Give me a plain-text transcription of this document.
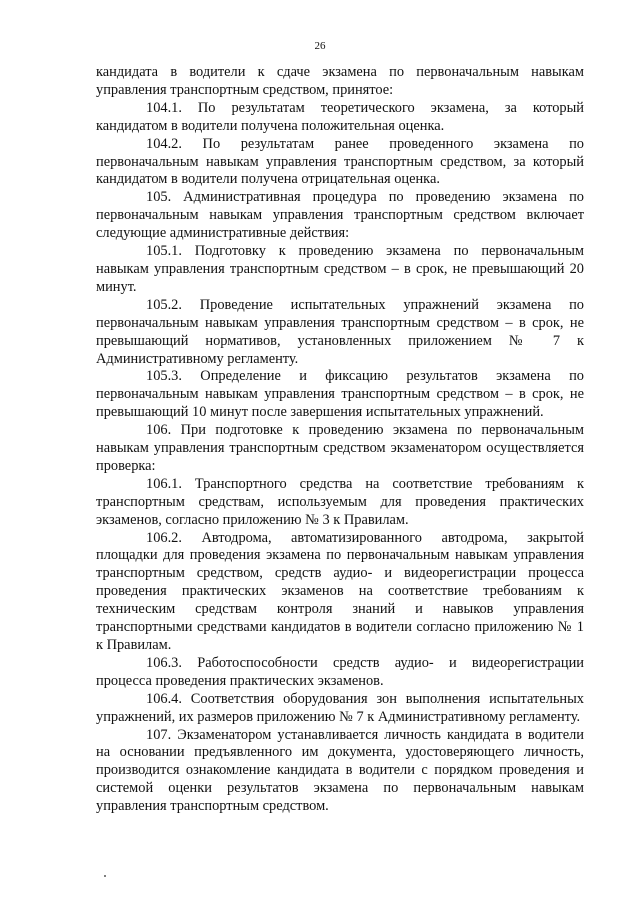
26

кандидата в водители к сдаче экзамена по первоначальным навыкам управления транспортным средством, принятое:

104.1. По результатам теоретического экзамена, за который кандидатом в водители получена положительная оценка.

104.2. По результатам ранее проведенного экзамена по первоначальным навыкам управления транспортным средством, за который кандидатом в водители получена отрицательная оценка.

105. Административная процедура по проведению экзамена по первоначальным навыкам управления транспортным средством включает следующие административные действия:

105.1. Подготовку к проведению экзамена по первоначальным навыкам управления транспортным средством – в срок, не превышающий 20 минут.

105.2. Проведение испытательных упражнений экзамена по первоначальным навыкам управления транспортным средством – в срок, не превышающий нормативов, установленных приложением № 7 к Административному регламенту.

105.3. Определение и фиксацию результатов экзамена по первоначальным навыкам управления транспортным средством – в срок, не превышающий 10 минут после завершения испытательных упражнений.

106. При подготовке к проведению экзамена по первоначальным навыкам управления транспортным средством экзаменатором осуществляется проверка:

106.1. Транспортного средства на соответствие требованиям к транспортным средствам, используемым для проведения практических экзаменов, согласно приложению № 3 к Правилам.

106.2. Автодрома, автоматизированного автодрома, закрытой площадки для проведения экзамена по первоначальным навыкам управления транспортным средством, средств аудио- и видеорегистрации процесса проведения практических экзаменов на соответствие требованиям к техническим средствам контроля знаний и навыков управления транспортными средствами кандидатов в водители согласно приложению № 1 к Правилам.

106.3. Работоспособности средств аудио- и видеорегистрации процесса проведения практических экзаменов.

106.4. Соответствия оборудования зон выполнения испытательных упражнений, их размеров приложению № 7 к Административному регламенту.

107. Экзаменатором устанавливается личность кандидата в водители на основании предъявленного им документа, удостоверяющего личность, производится ознакомление кандидата в водители с порядком проведения и системой оценки результатов экзамена по первоначальным навыкам управления транспортным средством.
